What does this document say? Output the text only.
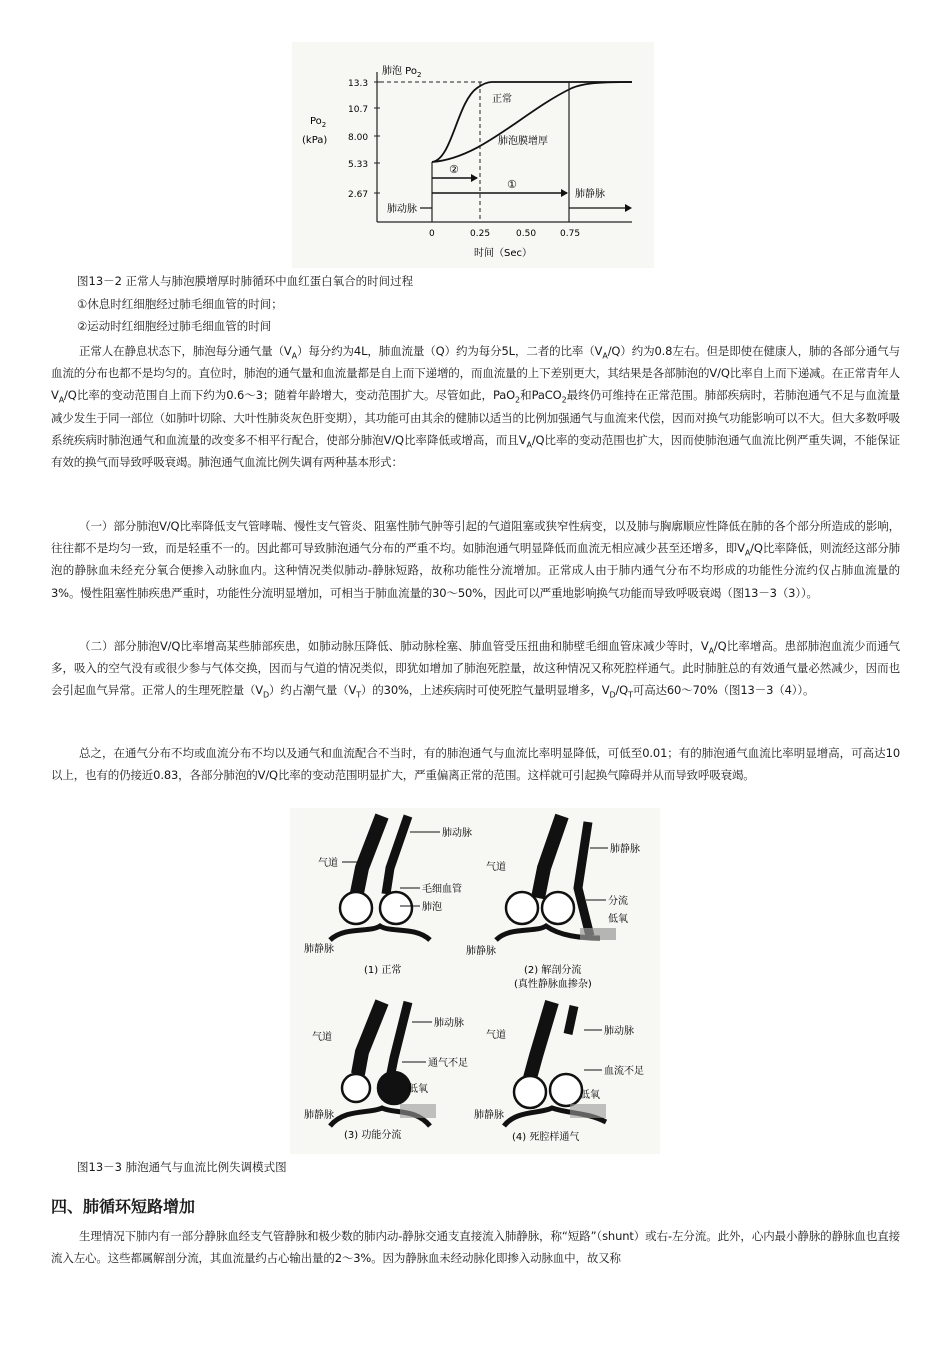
肺泡 $Po_2$
$Po_2$
(kPa)
13.3
10.7
8.00
5.33
2.67
正常
肺泡膜增厚
②
①
肺动脉
肺静脉
0	0.25	0.50	0.75
时间（Sec）
图13－2 正常人与肺泡膜增厚时肺循环中血红蛋白氧合的时间过程
①休息时红细胞经过肺毛细血管的时间；
②运动时红细胞经过肺毛细血管的时间
正常人在静息状态下，肺泡每分通气量$(V_A)$每分约为4L，肺血流量（Q）约为每分5L，二者的比率$(V_A/Q)$约为0.8左右。但是即使在健康人，肺的各部分通气与血流的分布也都不是均匀的。直位时，肺泡的通气量和血流量都是自上而下递增的，而血流量的上下差别更大，其结果是各部肺泡的V/Q比率自上而下递减。在正常青年人$V_A/Q$比率的变动范围自上而下约为0.6～3；随着年龄增大，变动范围扩大。尽管如此，PaO$_2$和PaCO$_2$最终仍可维持在正常范围。肺部疾病时，若肺泡通气不足与血流量减少发生于同一部位（如肺叶切除、大叶性肺炎灰色肝变期），其功能可由其余的健肺以适当的比例加强通气与血流来代偿，因而对换气功能影响可以不大。但大多数呼吸系统疾病时肺泡通气和血流量的改变多不相平行配合，使部分肺泡V/Q比率降低或增高，而且$V_A/Q$比率的变动范围也扩大，因而使肺泡通气血流比例严重失调，不能保证有效的换气而导致呼吸衰竭。肺泡通气血流比例失调有两种基本形式：
（一）部分肺泡V/Q比率降低支气管哮喘、慢性支气管炎、阻塞性肺气肿等引起的气道阻塞或狭窄性病变，以及肺与胸廓顺应性降低在肺的各个部分所造成的影响，往往都不是均匀一致，而是轻重不一的。因此都可导致肺泡通气分布的严重不均。如肺泡通气明显降低而血流无相应减少甚至还增多，即$V_A/Q$比率降低，则流经这部分肺泡的静脉血未经充分氧合便掺入动脉血内。这种情况类似肺动-静脉短路，故称功能性分流增加。正常成人由于肺内通气分布不均形成的功能性分流约仅占肺血流量的3%。慢性阻塞性肺疾患严重时，功能性分流明显增加，可相当于肺血流量的30～50%，因此可以严重地影响换气功能而导致呼吸衰竭（图13－3（3））。
（二）部分肺泡V/Q比率增高某些肺部疾患，如肺动脉压降低、肺动脉栓塞、肺血管受压扭曲和肺壁毛细血管床减少等时，$V_A/Q$比率增高。患部肺泡血流少而通气多，吸入的空气没有或很少参与气体交换，因而与气道的情况类似，即犹如增加了肺泡死腔量，故这种情况又称死腔样通气。此时肺脏总的有效通气量必然减少，因而也会引起血气异常。正常人的生理死腔量$(V_D)$约占潮气量$(V_T)$的30%，上述疾病时可使死腔气量明显增多，$V_D/Q_T$可高达60～70%（图13－3（4））。
总之，在通气分布不均或血流分布不均以及通气和血流配合不当时，有的肺泡通气与血流比率明显降低，可低至0.01；有的肺泡通气血流比率明显增高，可高达10以上，也有的仍接近0.83，各部分肺泡的V/Q比率的变动范围明显扩大，严重偏离正常的范围。这样就可引起换气障碍并从而导致呼吸衰竭。
肺动脉
气道
毛细血管
肺泡
肺静脉
(1) 正常
肺静脉
气道
分流
低氧
肺静脉
(2) 解剖分流
(真性静脉血掺杂)
肺动脉
气道
通气不足
低氧
肺静脉
(3) 功能分流
肺动脉
气道
血流不足
低氧
肺静脉
(4) 死腔样通气
图13－3 肺泡通气与血流比例失调模式图
四、肺循环短路增加
生理情况下肺内有一部分静脉血经支气管静脉和极少数的肺内动-静脉交通支直接流入肺静脉，称“短路”（shunt）或右-左分流。此外，心内最小静脉的静脉血也直接流入左心。这些都属解剖分流，其血流量约占心输出量的2～3%。因为静脉血未经动脉化即掺入动脉血中，故又称
